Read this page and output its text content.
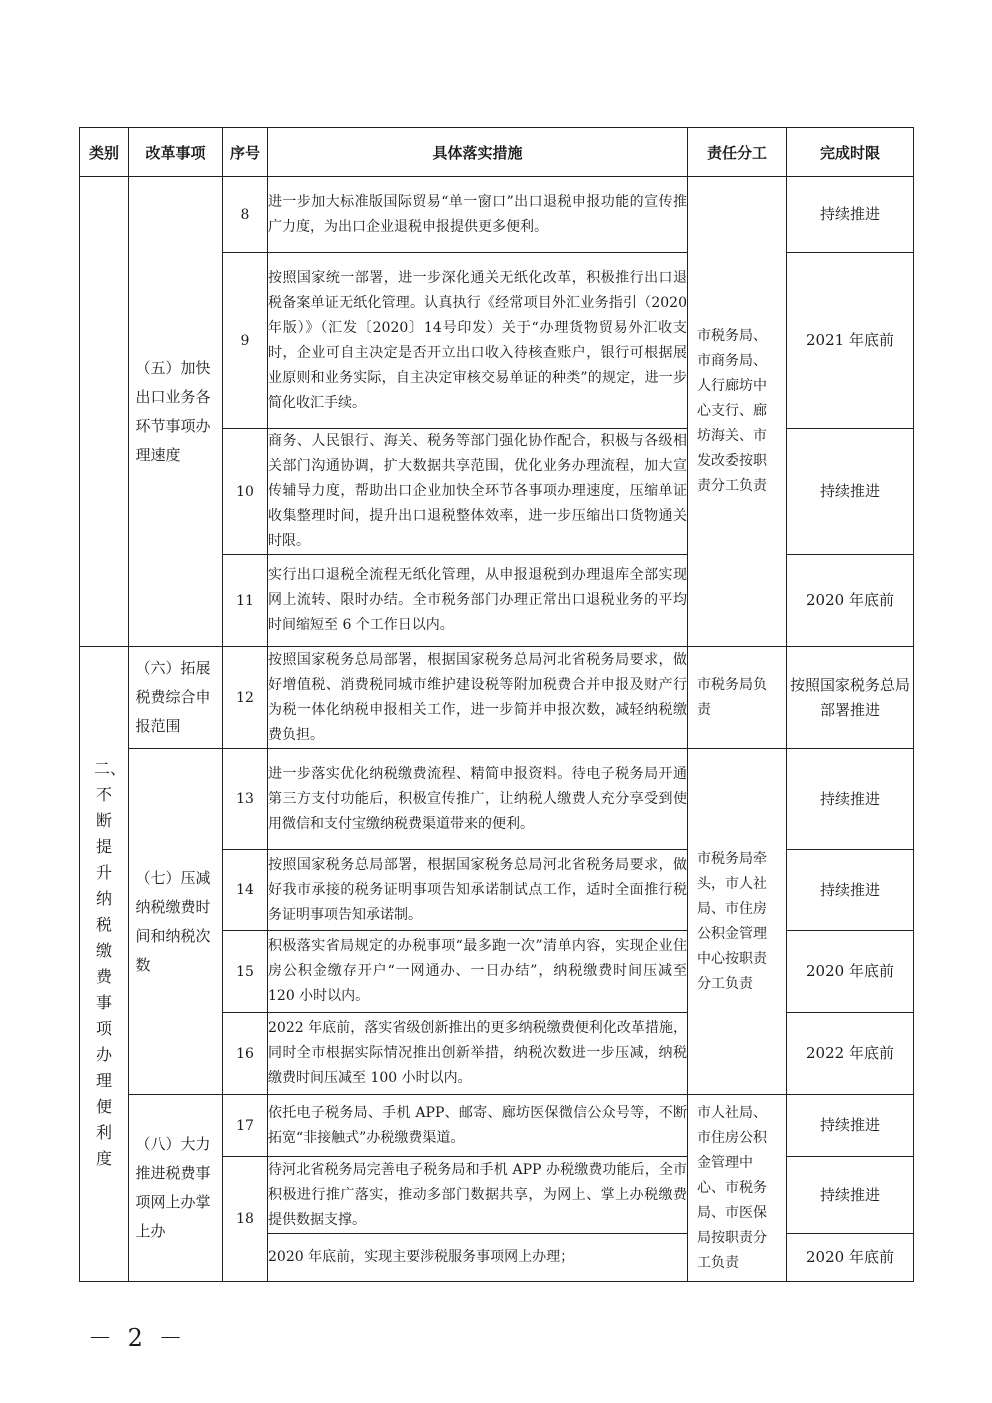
类别	改革事项	序号	具体落实措施	责任分工	完成时限

	（五）加快出口业务各环节事项办理速度	8	进一步加大标准版国际贸易“单一窗口”出口退税申报功能的宣传推广力度，为出口企业退税申报提供更多便利。	市税务局、市商务局、人行廊坊中心支行、廊坊海关、市发改委按职责分工负责	持续推进
		9	按照国家统一部署，进一步深化通关无纸化改革，积极推行出口退税备案单证无纸化管理。认真执行《经常项目外汇业务指引（2020年版）》（汇发〔2020〕14号印发）关于“办理货物贸易外汇收支时，企业可自主决定是否开立出口收入待核查账户，银行可根据展业原则和业务实际，自主决定审核交易单证的种类”的规定，进一步简化收汇手续。		2021 年底前
		10	商务、人民银行、海关、税务等部门强化协作配合，积极与各级相关部门沟通协调，扩大数据共享范围，优化业务办理流程，加大宣传辅导力度，帮助出口企业加快全环节各事项办理速度，压缩单证收集整理时间，提升出口退税整体效率，进一步压缩出口货物通关时限。		持续推进
		11	实行出口退税全流程无纸化管理，从申报退税到办理退库全部实现网上流转、限时办结。全市税务部门办理正常出口退税业务的平均时间缩短至 6 个工作日以内。		2020 年底前

二、不断提升纳税缴费事项办理便利度	（六）拓展税费综合申报范围	12	按照国家税务总局部署，根据国家税务总局河北省税务局要求，做好增值税、消费税同城市维护建设税等附加税费合并申报及财产行为税一体化纳税申报相关工作，进一步简并申报次数，减轻纳税缴费负担。	市税务局负责	按照国家税务总局部署推进

	（七）压减纳税缴费时间和纳税次数	13	进一步落实优化纳税缴费流程、精简申报资料。待电子税务局开通第三方支付功能后，积极宣传推广，让纳税人缴费人充分享受到使用微信和支付宝缴纳税费渠道带来的便利。	市税务局牵头，市人社局、市住房公积金管理中心按职责分工负责	持续推进
		14	按照国家税务总局部署，根据国家税务总局河北省税务局要求，做好我市承接的税务证明事项告知承诺制试点工作，适时全面推行税务证明事项告知承诺制。		持续推进
		15	积极落实省局规定的办税事项“最多跑一次”清单内容，实现企业住房公积金缴存开户“一网通办、一日办结”，纳税缴费时间压减至 120 小时以内。		2020 年底前
		16	2022 年底前，落实省级创新推出的更多纳税缴费便利化改革措施，同时全市根据实际情况推出创新举措，纳税次数进一步压减，纳税缴费时间压减至 100 小时以内。		2022 年底前

	（八）大力推进税费事项网上办掌上办	17	依托电子税务局、手机 APP、邮寄、廊坊医保微信公众号等，不断拓宽“非接触式”办税缴费渠道。	市人社局、市住房公积金管理中心、市税务局、市医保局按职责分工负责	持续推进
		18	待河北省税务局完善电子税务局和手机 APP 办税缴费功能后，全市积极进行推广落实，推动多部门数据共享，为网上、掌上办税缴费提供数据支撑。		持续推进
			2020 年底前，实现主要涉税服务事项网上办理；		2020 年底前
－ 2 －
